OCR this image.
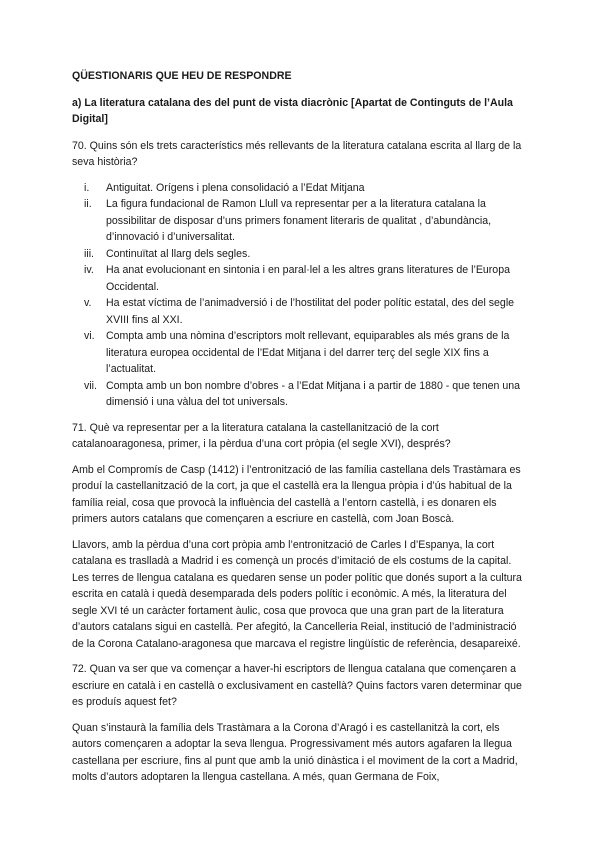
QÜESTIONARIS QUE HEU DE RESPONDRE

a) La literatura catalana des del punt de vista diacrònic [Apartat de Continguts de l’Aula Digital]

70. Quins són els trets característics més rellevants de la literatura catalana escrita al llarg de la seva història?

i. Antiguitat. Orígens i plena consolidació a l’Edat Mitjana
ii. La figura fundacional de Ramon Llull va representar per a la literatura catalana la possibilitar de disposar d’uns primers fonament literaris de qualitat , d’abundància, d’innovació i d’universalitat.
iii. Continuïtat al llarg dels segles.
iv. Ha anat evolucionant en sintonia i en paral·lel a les altres grans literatures de l’Europa Occidental.
v. Ha estat víctima de l’animadversió i de l’hostilitat del poder polític estatal, des del segle XVIII fins al XXI.
vi. Compta amb una nòmina d’escriptors molt rellevant, equiparables als més grans de la literatura europea occidental de l’Edat Mitjana i del darrer terç del segle XIX fins a l’actualitat.
vii. Compta amb un bon nombre d’obres - a l’Edat Mitjana i a partir de 1880 - que tenen una dimensió i una vàlua del tot universals.

71. Què va representar per a la literatura catalana la castellanització de la cort catalanoaragonesa, primer, i la pèrdua d’una cort pròpia (el segle XVI), després?

Amb el Compromís de Casp (1412) i l’entronització de las família castellana dels Trastàmara es produí la castellanització de la cort, ja que el castellà era la llengua pròpia i d’ús habitual de la família reial, cosa que provocà la influència del castellà a l’entorn castellà, i es donaren els primers autors catalans que començaren a escriure en castellà, com Joan Boscà.

Llavors, amb la pèrdua d’una cort pròpia amb l’entronització de Carles I d’Espanya, la cort catalana es traslladà a Madrid i es començà un procés d’imitació de els costums de la capital. Les terres de llengua catalana es quedaren sense un poder polític que donés suport a la cultura escrita en català i quedà desemparada dels poders polític i econòmic. A més, la literatura del segle XVI té un caràcter fortament àulic, cosa que provoca que una gran part de la literatura d’autors catalans sigui en castellà. Per afegitó, la Cancelleria Reial, institució de l’administració de la Corona Catalano-aragonesa que marcava el registre lingüístic de referència, desapareixé.

72. Quan va ser que va començar a haver-hi escriptors de llengua catalana que començaren a escriure en català i en castellà o exclusivament en castellà? Quins factors varen determinar que es produís aquest fet?

Quan s’instaurà la família dels Trastàmara a la Corona d’Aragó i es castellanitzà la cort, els autors començaren a adoptar la seva llengua. Progressivament més autors agafaren la llegua castellana per escriure, fins al punt que amb la unió dinàstica i el moviment de la cort a Madrid, molts d’autors adoptaren la llengua castellana. A més, quan Germana de Foix,
